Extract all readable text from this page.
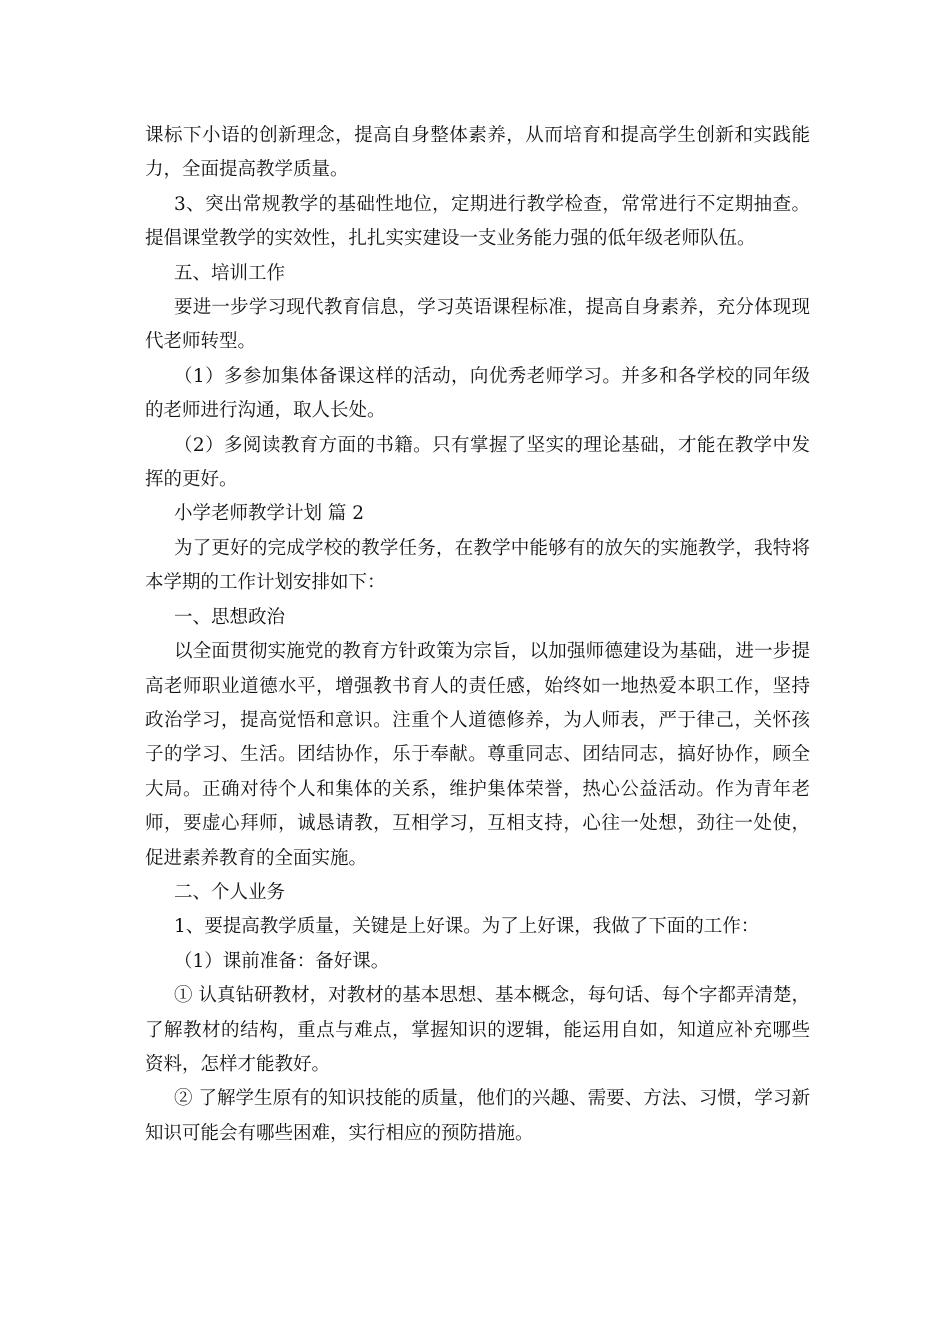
课标下小语的创新理念，提高自身整体素养，从而培育和提高学生创新和实践能力，全面提高教学质量。

3、突出常规教学的基础性地位，定期进行教学检查，常常进行不定期抽查。提倡课堂教学的实效性，扎扎实实建设一支业务能力强的低年级老师队伍。

五、培训工作

要进一步学习现代教育信息，学习英语课程标准，提高自身素养，充分体现现代老师转型。

（1）多参加集体备课这样的活动，向优秀老师学习。并多和各学校的同年级的老师进行沟通，取人长处。

（2）多阅读教育方面的书籍。只有掌握了坚实的理论基础，才能在教学中发挥的更好。

小学老师教学计划 篇 2

为了更好的完成学校的教学任务，在教学中能够有的放矢的实施教学，我特将本学期的工作计划安排如下：

一、思想政治

以全面贯彻实施党的教育方针政策为宗旨，以加强师德建设为基础，进一步提高老师职业道德水平，增强教书育人的责任感，始终如一地热爱本职工作，坚持政治学习，提高觉悟和意识。注重个人道德修养，为人师表，严于律己，关怀孩子的学习、生活。团结协作，乐于奉献。尊重同志、团结同志，搞好协作，顾全大局。正确对待个人和集体的关系，维护集体荣誉，热心公益活动。作为青年老师，要虚心拜师，诚恳请教，互相学习，互相支持，心往一处想，劲往一处使，促进素养教育的全面实施。

二、个人业务

1、要提高教学质量，关键是上好课。为了上好课，我做了下面的工作：

（1）课前准备：备好课。

① 认真钻研教材，对教材的基本思想、基本概念，每句话、每个字都弄清楚，了解教材的结构，重点与难点，掌握知识的逻辑，能运用自如，知道应补充哪些资料，怎样才能教好。

② 了解学生原有的知识技能的质量，他们的兴趣、需要、方法、习惯，学习新知识可能会有哪些困难，实行相应的预防措施。
